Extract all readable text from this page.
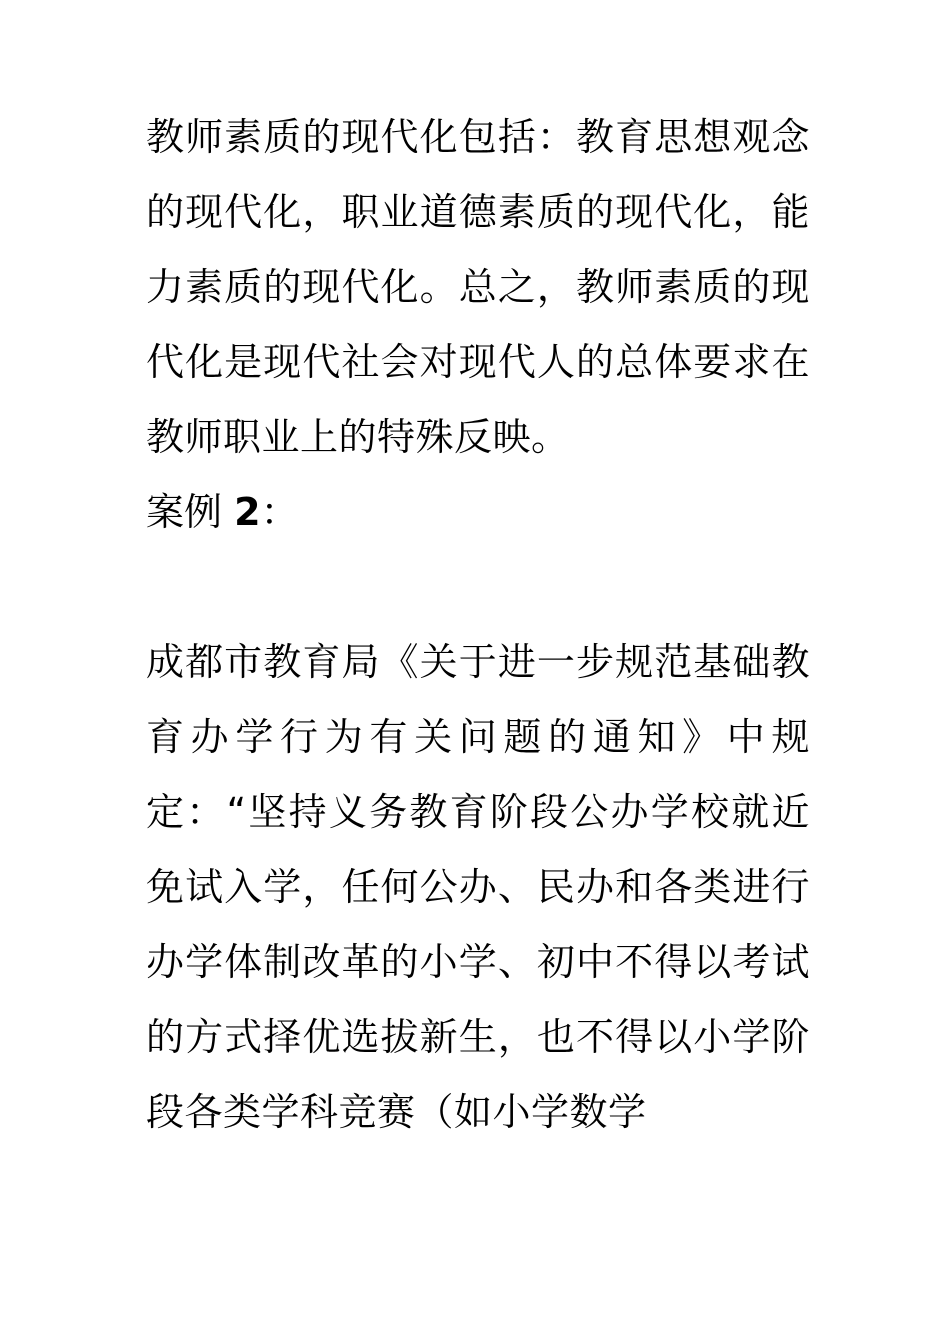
教师素质的现代化包括：教育思想观念的现代化，职业道德素质的现代化，能力素质的现代化。总之，教师素质的现代化是现代社会对现代人的总体要求在教师职业上的特殊反映。

案例 2：

成都市教育局《关于进一步规范基础教育办学行为有关问题的通知》中规定：“坚持义务教育阶段公办学校就近免试入学，任何公办、民办和各类进行办学体制改革的小学、初中不得以考试的方式择优选拔新生，也不得以小学阶段各类学科竞赛（如小学数学
